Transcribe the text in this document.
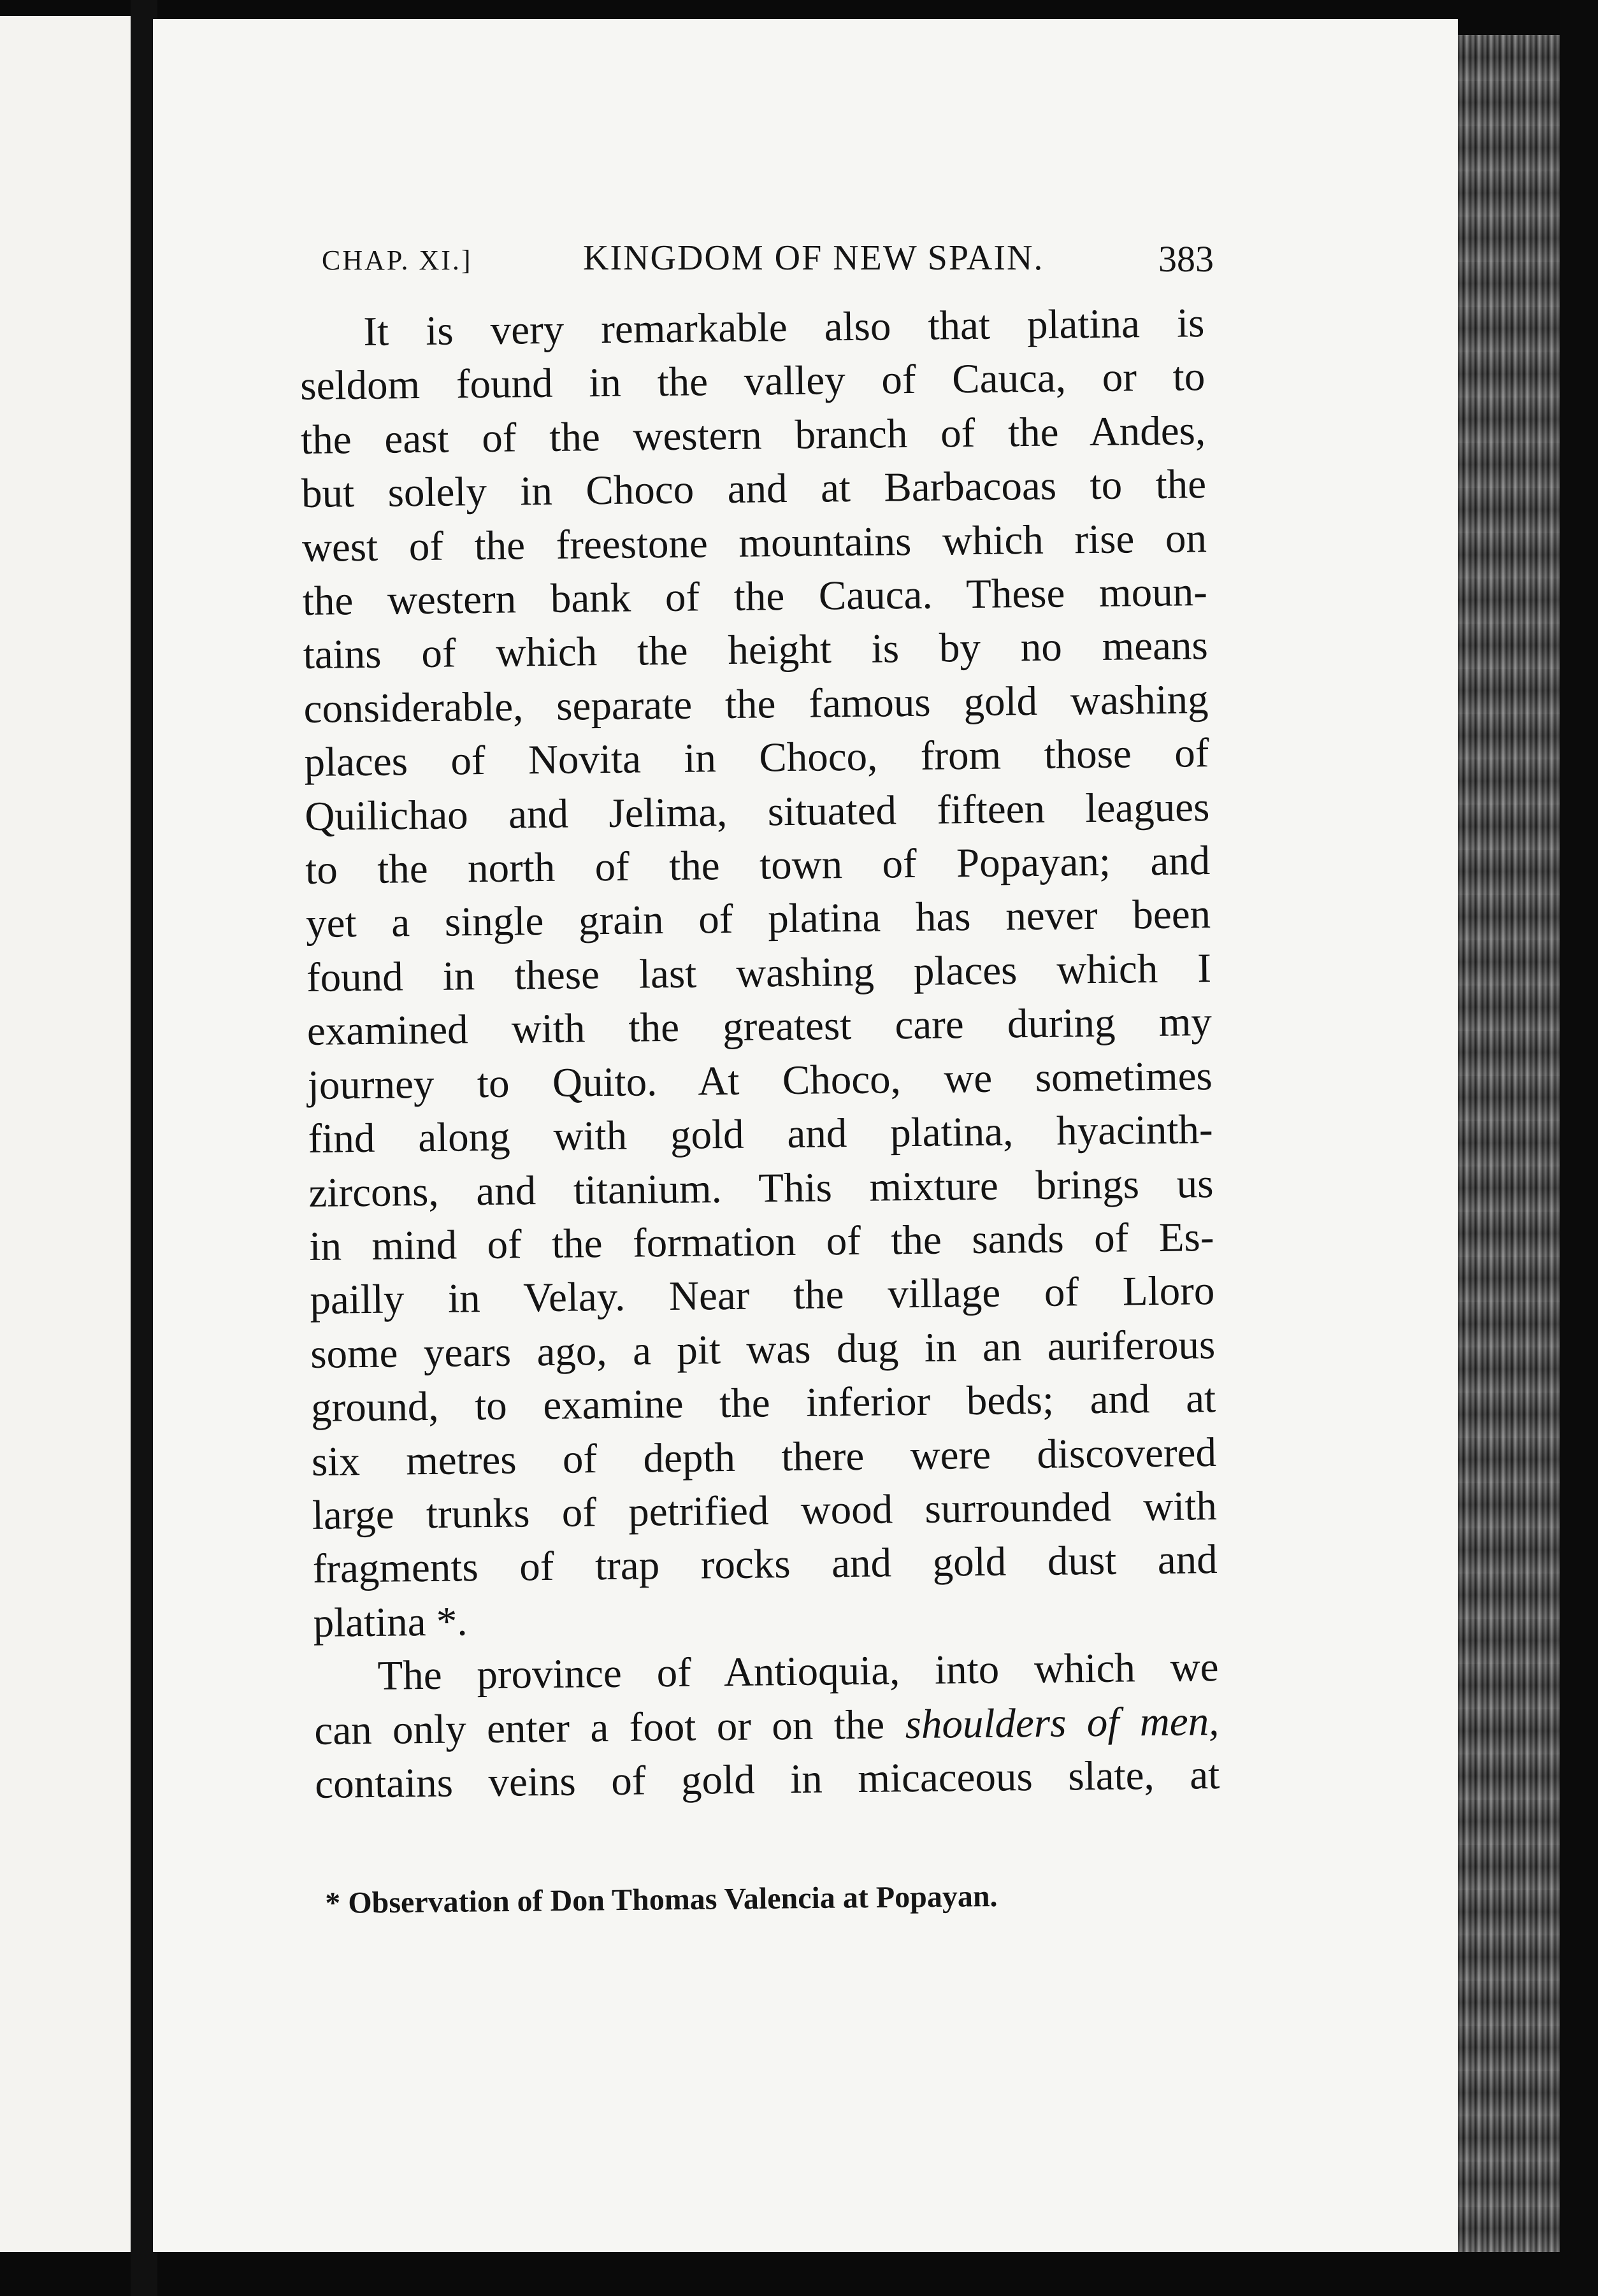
CHAP. XI.]	KINGDOM OF NEW SPAIN.	383

It is very remarkable also that platina is
seldom found in the valley of Cauca, or to
the east of the western branch of the Andes,
but solely in Choco and at Barbacoas to the
west of the freestone mountains which rise on
the western bank of the Cauca. These moun-
tains of which the height is by no means
considerable, separate the famous gold washing
places of Novita in Choco, from those of
Quilichao and Jelima, situated fifteen leagues
to the north of the town of Popayan; and
yet a single grain of platina has never been
found in these last washing places which I
examined with the greatest care during my
journey to Quito. At Choco, we sometimes
find along with gold and platina, hyacinth-
zircons, and titanium. This mixture brings us
in mind of the formation of the sands of Es-
pailly in Velay. Near the village of Lloro
some years ago, a pit was dug in an auriferous
ground, to examine the inferior beds; and at
six metres of depth there were discovered
large trunks of petrified wood surrounded with
fragments of trap rocks and gold dust and
platina *.

The province of Antioquia, into which we
can only enter a foot or on the shoulders of men,
contains veins of gold in micaceous slate, at

* Observation of Don Thomas Valencia at Popayan.
